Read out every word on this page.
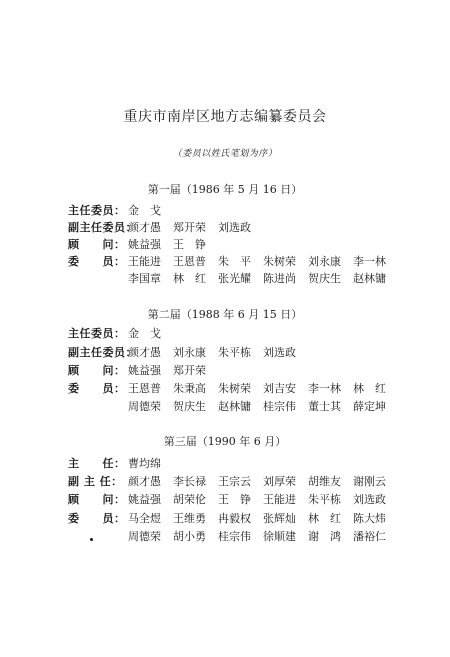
重庆市南岸区地方志编纂委员会
（委员以姓氏笔划为序）
第一届（1986 年 5 月 16 日）
主任委员： 金　戈
副主任委员：
颜才愚 郑开荣 刘选政
顾　　问： 姚益强 王　铮
委　　员： 王能进 王恩普 朱　平 朱树荣 刘永康 李一林
李国章 林　红 张光耀 陈进尚 贺庆生 赵林镛
第二届（1988 年 6 月 15 日）
主任委员： 金　戈
副主任委员：
颜才愚 刘永康 朱平栋 刘选政
顾　　问： 姚益强 郑开荣
委　　员： 王恩普 朱秉高 朱树荣 刘吉安 李一林 林　红
周德荣 贺庆生 赵林镛 桂宗伟 董士其 薛定坤
第三届（1990 年 6 月）
主　　任： 曹均绵
副 主 任： 颜才愚 李长禄 王宗云 刘厚荣 胡维友 谢刚云
顾　　问： 姚益强 胡荣伦 王　铮 王能进 朱平栋 刘选政
委　　员： 马全煜 王维勇 冉毅权 张辉灿 林　红 陈大炜
周德荣 胡小勇 桂宗伟 徐顺建 谢　鸿 潘裕仁
